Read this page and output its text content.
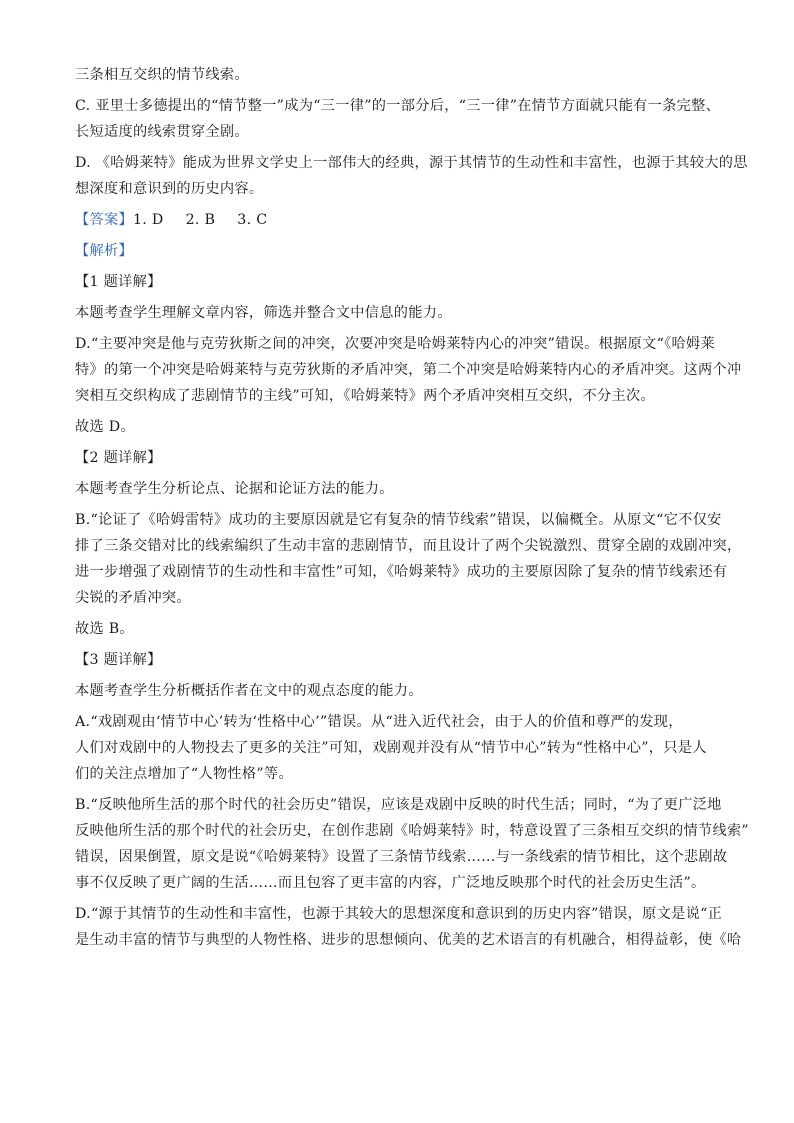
三条相互交织的情节线索。
C. 亚里士多德提出的“情节整一”成为“三一律”的一部分后，“三一律”在情节方面就只能有一条完整、
长短适度的线索贯穿全剧。
D. 《哈姆莱特》能成为世界文学史上一部伟大的经典，源于其情节的生动性和丰富性，也源于其较大的思
想深度和意识到的历史内容。
【答案】1. D 2. B 3. C
【解析】
【1 题详解】
本题考查学生理解文章内容，筛选并整合文中信息的能力。
D.“主要冲突是他与克劳狄斯之间的冲突，次要冲突是哈姆莱特内心的冲突”错误。根据原文“《哈姆莱
特》的第一个冲突是哈姆莱特与克劳狄斯的矛盾冲突，第二个冲突是哈姆莱特内心的矛盾冲突。这两个冲
突相互交织构成了悲剧情节的主线”可知，《哈姆莱特》两个矛盾冲突相互交织，不分主次。
故选 D。
【2 题详解】
本题考查学生分析论点、论据和论证方法的能力。
B.“论证了《哈姆雷特》成功的主要原因就是它有复杂的情节线索”错误，以偏概全。从原文“它不仅安
排了三条交错对比的线索编织了生动丰富的悲剧情节，而且设计了两个尖锐激烈、贯穿全剧的戏剧冲突，
进一步增强了戏剧情节的生动性和丰富性”可知，《哈姆莱特》成功的主要原因除了复杂的情节线索还有
尖锐的矛盾冲突。
故选 B。
【3 题详解】
本题考查学生分析概括作者在文中的观点态度的能力。
A.“戏剧观由‘情节中心’转为‘性格中心’”错误。从“进入近代社会，由于人的价值和尊严的发现，
人们对戏剧中的人物投去了更多的关注”可知，戏剧观并没有从“情节中心”转为“性格中心”，只是人
们的关注点增加了“人物性格”等。
B.“反映他所生活的那个时代的社会历史”错误，应该是戏剧中反映的时代生活；同时，“为了更广泛地
反映他所生活的那个时代的社会历史，在创作悲剧《哈姆莱特》时，特意设置了三条相互交织的情节线索”
错误，因果倒置，原文是说“《哈姆莱特》设置了三条情节线索……与一条线索的情节相比，这个悲剧故
事不仅反映了更广阔的生活……而且包容了更丰富的内容，广泛地反映那个时代的社会历史生活”。
D.“源于其情节的生动性和丰富性，也源于其较大的思想深度和意识到的历史内容”错误，原文是说“正
是生动丰富的情节与典型的人物性格、进步的思想倾向、优美的艺术语言的有机融合，相得益彰，使《哈
